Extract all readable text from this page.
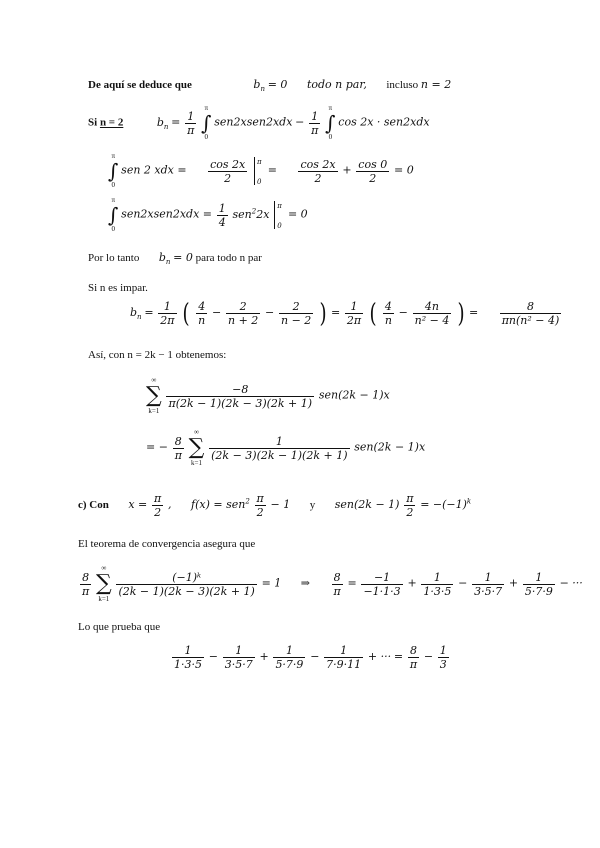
De aquí se deduce que	$b_n = 0$ todo n par, incluso n = 2
Si n = 2	$b_n = \frac{1}{\pi}$
π
∫
0 sen2xsen2xdx − $\frac{1}{\pi}$
π
∫
0 cos 2x · sen2xdx
π
∫
0 sen 2 xdx = $\frac{\cos 2x}{2}$
π
0
= $\frac{\cos 2x}{2} + \frac{\cos 0}{2} = 0$
π
∫
0 sen2xsen2xdx = $\frac{1}{4} sen^22x$
π
0
= 0
Por lo tanto $b_n = 0$ para todo n par
Si n es impar.
$b_n = \frac{1}{2\pi}$ ( $\frac{4}{n} - \frac{2}{n + 2} - \frac{2}{n - 2}$ ) = $\frac{1}{2\pi}$ ( $\frac{4}{n} - \frac{4n}{\text{n² − 4}}$ ) = $\frac{8}{\text{πn(n² − 4)}}$
Así, con n = 2k − 1 obtenemos:
∞
∑
k=1
$\frac{-8}{\pi(2k - 1)(2k - 3)(2k + 1)} sen(2k - 1)x$
= − $\frac{8}{\pi}$
∞
∑
k=1
$\frac{1}{(2k - 3)(2k - 1)(2k + 1)} sen(2k - 1)x$
c) Con $x = \frac{\pi}{2}$ , $f(x) = sen^2 \frac{\pi}{2} - 1$ y $sen(2k - 1) \frac{\pi}{2} = -(-1)^k$
El teorema de convergencia asegura que
$\frac{8}{\pi}$
∞
∑
k=1
$\frac{\text{(−1)ᵏ}}{(2k - 1)(2k - 3)(2k + 1)} = 1$ ⇒ $\frac{8}{\pi} = \frac{-1}{-1\cdot 1\cdot 3} + \frac{1}{1\cdot 3\cdot 5} - \frac{1}{3\cdot 5\cdot 7} + \frac{1}{5\cdot 7\cdot 9}$ − ···
Lo que prueba que
$\frac{1}{1\cdot 3\cdot 5} - \frac{1}{3\cdot 5\cdot 7} + \frac{1}{5\cdot 7\cdot 9} - \frac{1}{7\cdot 9\cdot 11}$ + ··· = $\frac{8}{\pi} - \frac{1}{3}$
